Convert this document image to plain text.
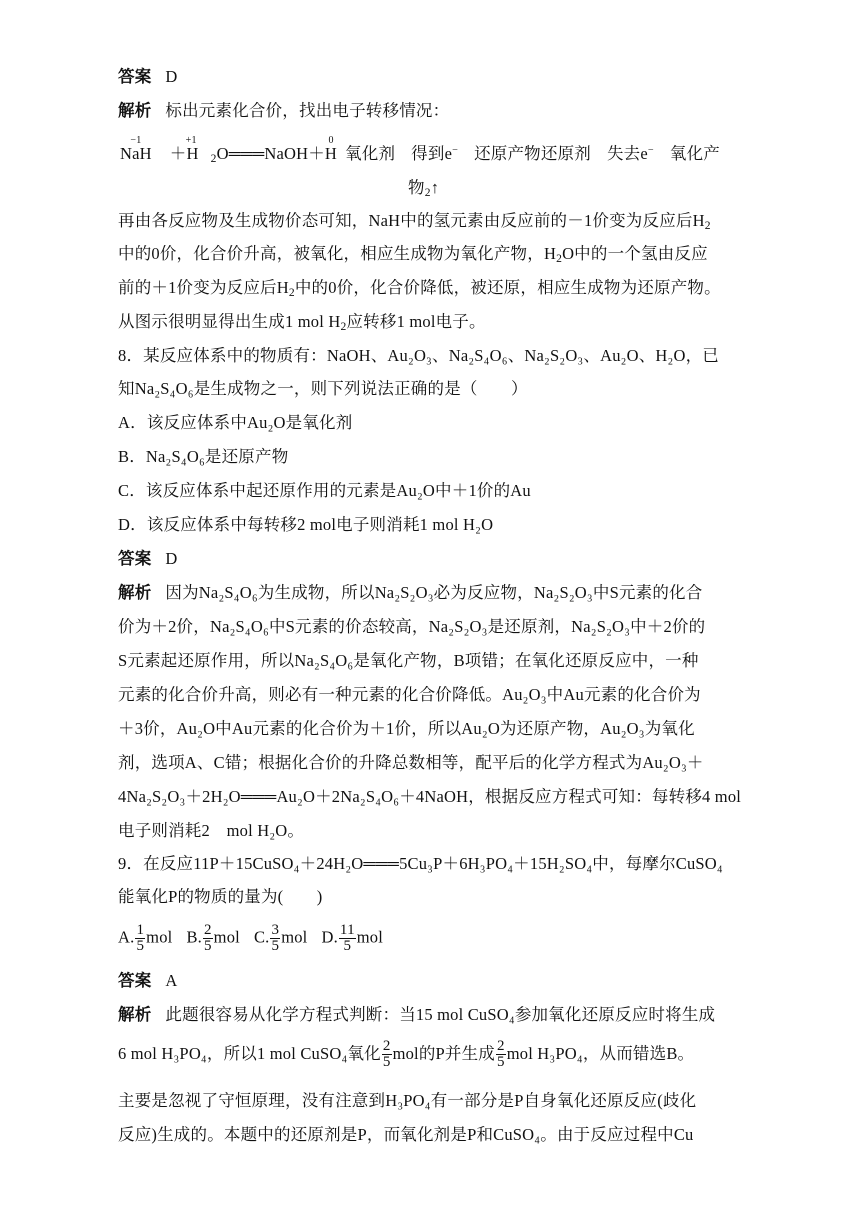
答案 D
解析 标出元素化合价，找出电子转移情况：
−1
NaH
+1
＋H $_2$
0
O═══NaOH＋H 氧化剂 得到e− 还原产物还原剂 失去e− 氧化产
物$_2$↑
再由各反应物及生成物价态可知，NaH中的氢元素由反应前的－1价变为反应后$H_2$
中的0价，化合价升高，被氧化，相应生成物为氧化产物，$H_2O$中的一个氢由反应
前的＋1价变为反应后$H_2$中的0价，化合价降低，被还原，相应生成物为还原产物。
从图示很明显得出生成1 mol $H_2$应转移1 mol电子。
8．某反应体系中的物质有：NaOH、Au₂O₃、Na₂S₄O₆、Na₂S₂O₃、Au₂O、H₂O，已
知Na₂S₄O₆是生成物之一，则下列说法正确的是（　　）
A．该反应体系中Au₂O是氧化剂
B．Na₂S₄O₆是还原产物
C．该反应体系中起还原作用的元素是Au₂O中＋1价的Au
D．该反应体系中每转移2 mol电子则消耗1 mol H₂O
答案 D
解析 因为Na₂S₄O₆为生成物，所以Na₂S₂O₃必为反应物，Na₂S₂O₃中S元素的化合
价为＋2价，Na₂S₄O₆中S元素的价态较高，Na₂S₂O₃是还原剂，Na₂S₂O₃中＋2价的
S元素起还原作用，所以Na₂S₄O₆是氧化产物，B项错；在氧化还原反应中，一种
元素的化合价升高，则必有一种元素的化合价降低。Au₂O₃中Au元素的化合价为
＋3价，Au₂O中Au元素的化合价为＋1价，所以Au₂O为还原产物，Au₂O₃为氧化
剂，选项A、C错；根据化合价的升降总数相等，配平后的化学方程式为Au₂O₃＋
4Na₂S₂O₃＋2H₂O═══Au₂O＋2Na₂S₄O₆＋4NaOH，根据反应方程式可知：每转移4 mol
电子则消耗2　mol H₂O。
9．在反应11P＋15CuSO₄＋24H₂O═══5Cu₃P＋6H₃PO₄＋15H₂SO₄中，每摩尔CuSO₄
能氧化P的物质的量为(　　)
A. $\frac{1}{5}$ mol B. $\frac{2}{5}$ mol C. $\frac{3}{5}$ mol D. $\frac{11}{5}$ mol
答案 A
解析 此题很容易从化学方程式判断：当15 mol CuSO₄参加氧化还原反应时将生成
6 mol H₃PO₄，所以1 mol CuSO₄氧化 $\frac{2}{5}$ mol的P并生成 $\frac{2}{5}$ mol H₃PO₄，从而错选B。
主要是忽视了守恒原理，没有注意到H₃PO₄有一部分是P自身氧化还原反应(歧化
反应)生成的。本题中的还原剂是P，而氧化剂是P和CuSO₄。由于反应过程中Cu
